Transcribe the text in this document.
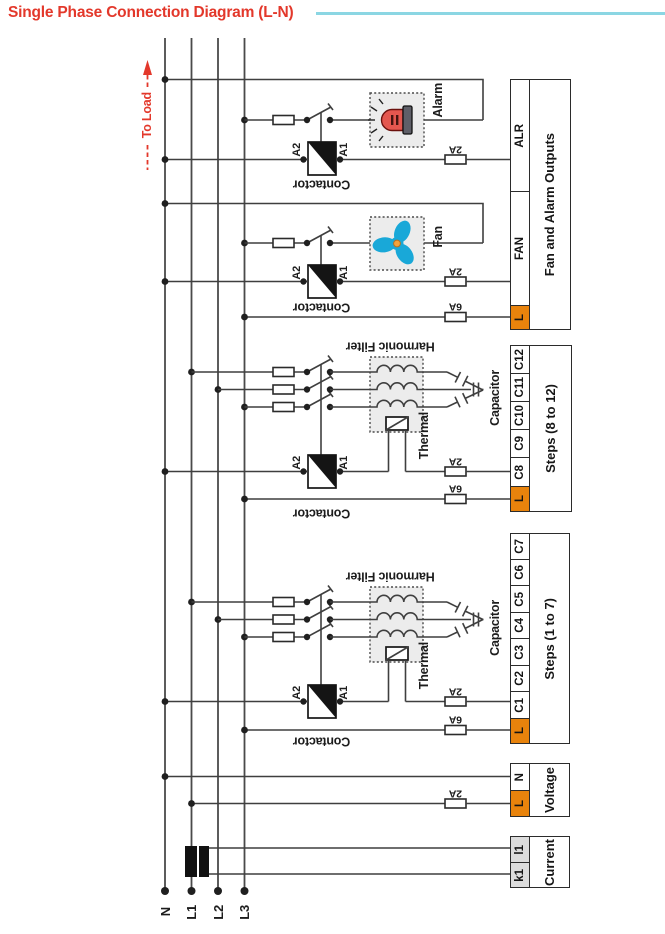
Single Phase Connection Diagram (L-N)
To Load	Alarm
Fan
A2	A1
A2	A1
A2	A1
A2	A1
Contactor
Contactor
Contactor
Contactor
2A
2A
6A
2A
6A
2A
6A
2A
Harmonic Filter
Harmonic Filter
Thermal
Thermal
Capacitor
Capacitor
N L1 L2 L3
ALR
FAN
L
Fan and Alarm Outputs
C12
C11
C10
C9
C8
L
Steps (8 to 12)
C7
C6
C5
C4
C3
C2
C1
L
Steps (1 to 7)
N
L Voltage
l1
k1 Current
